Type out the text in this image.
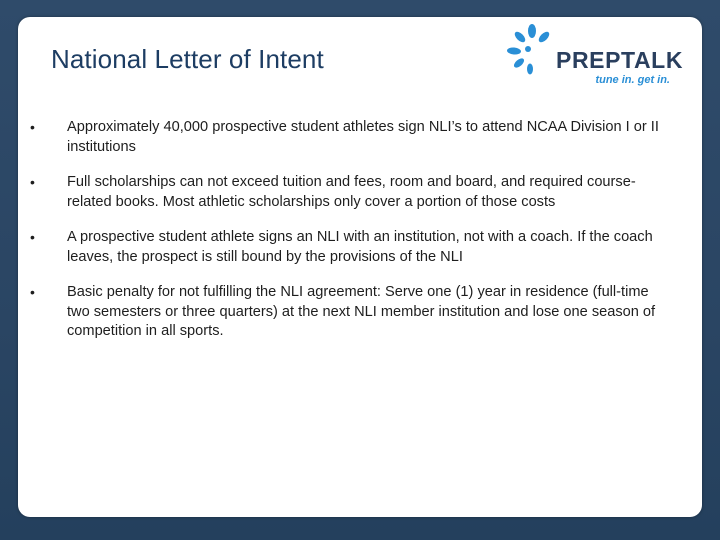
National Letter of Intent	PREPTALK
tune in. get in.
• Approximately 40,000 prospective student athletes sign NLI’s to attend NCAA Division I or II institutions
• Full scholarships can not exceed tuition and fees, room and board, and required course-related books. Most athletic scholarships only cover a portion of those costs
• A prospective student athlete signs an NLI with an institution, not with a coach. If the coach leaves, the prospect is still bound by the provisions of the NLI
• Basic penalty for not fulfilling the NLI agreement: Serve one (1) year in residence (full-time two semesters or three quarters) at the next NLI member institution and lose one season of competition in all sports.
